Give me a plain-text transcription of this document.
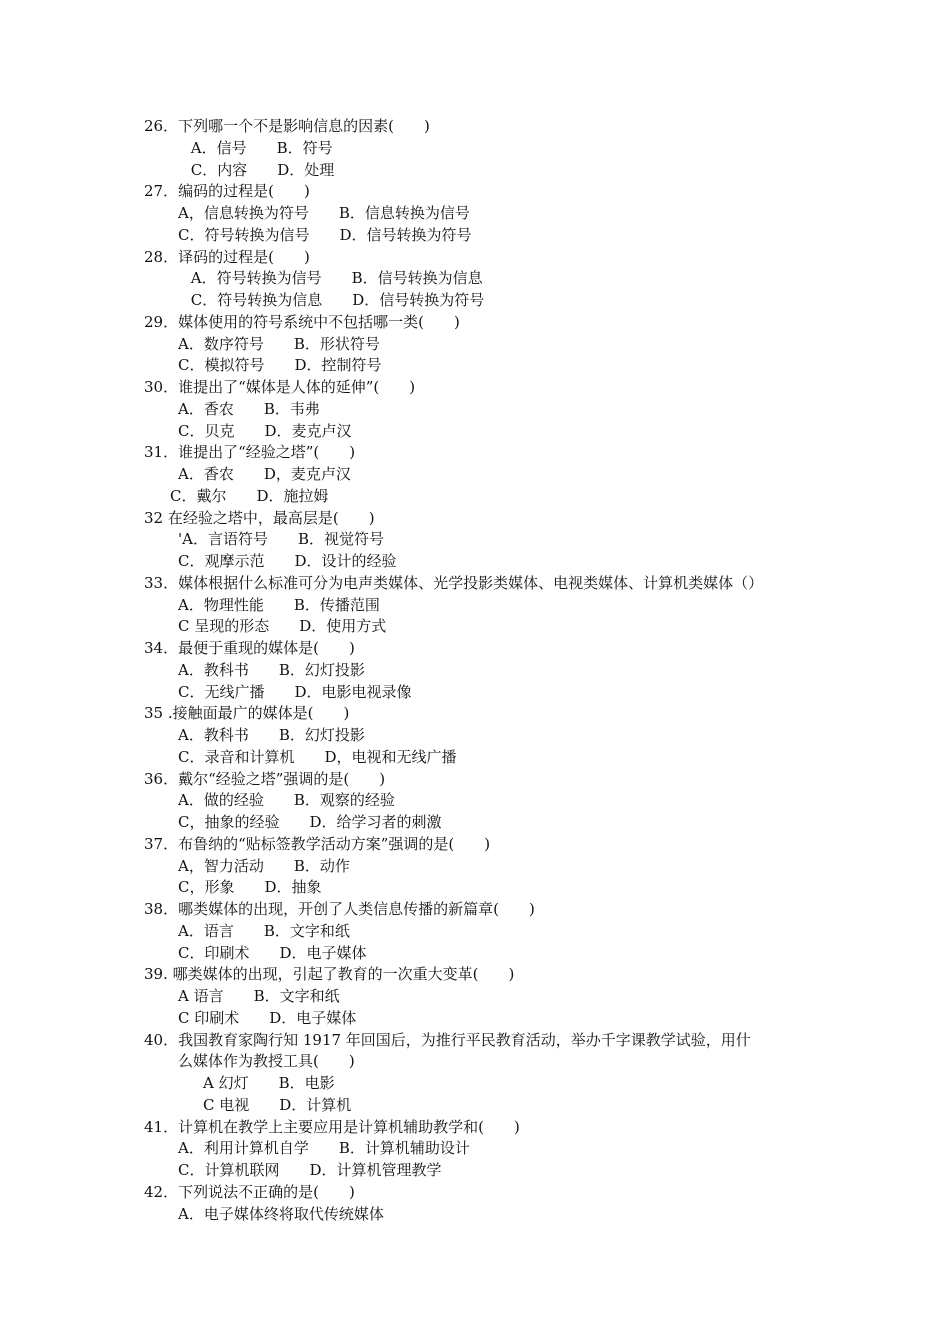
26．下列哪一个不是影响信息的因素(　　)
A．信号　　B．符号
C．内容　　D．处理
27．编码的过程是(　　)
A，信息转换为符号　　B．信息转换为信号
C．符号转换为信号　　D．信号转换为符号
28．译码的过程是(　　)
A．符号转换为信号　　B．信号转换为信息
C．符号转换为信息　　D．信号转换为符号
29．媒体使用的符号系统中不包括哪一类(　　)
A．数序符号　　B．形状符号
C．模拟符号　　D．控制符号
30．谁提出了“媒体是人体的延伸”(　　)
A．香农　　B．韦弗
C．贝克　　D．麦克卢汉
31．谁提出了“经验之塔”(　　)
A．香农　　D，麦克卢汉
C．戴尔　　D．施拉姆
32 在经验之塔中，最高层是(　　)
'A．言语符号　　B．视觉符号
C．观摩示范　　D．设计的经验
33．媒体根据什么标准可分为电声类媒体、光学投影类媒体、电视类媒体、计算机类媒体（）
A．物理性能　　B．传播范围
C 呈现的形态　　D．使用方式
34．最便于重现的媒体是(　　)
A．教科书　　B．幻灯投影
C．无线广播　　D．电影电视录像
35 .接触面最广的媒体是(　　)
A．教科书　　B．幻灯投影
C．录音和计算机　　D，电视和无线广播
36．戴尔“经验之塔”强调的是(　　)
A．做的经验　　B．观察的经验
C，抽象的经验　　D．给学习者的刺激
37．布鲁纳的“贴标签教学活动方案”强调的是(　　)
A，智力活动　　B．动作
C，形象　　D．抽象
38．哪类媒体的出现，开创了人类信息传播的新篇章(　　)
A．语言　　B．文字和纸
C．印刷术　　D．电子媒体
39. 哪类媒体的出现，引起了教育的一次重大变革(　　)
A 语言　　B．文字和纸
C 印刷术　　D．电子媒体
40．我国教育家陶行知 1917 年回国后，为推行平民教育活动，举办千字课教学试验，用什
么媒体作为教授工具(　　)
A 幻灯　　B．电影
C 电视　　D．计算机
41．计算机在教学上主要应用是计算机辅助教学和(　　)
A．利用计算机自学　　B．计算机辅助设计
C．计算机联网　　D．计算机管理教学
42．下列说法不正确的是(　　)
A．电子媒体终将取代传统媒体
